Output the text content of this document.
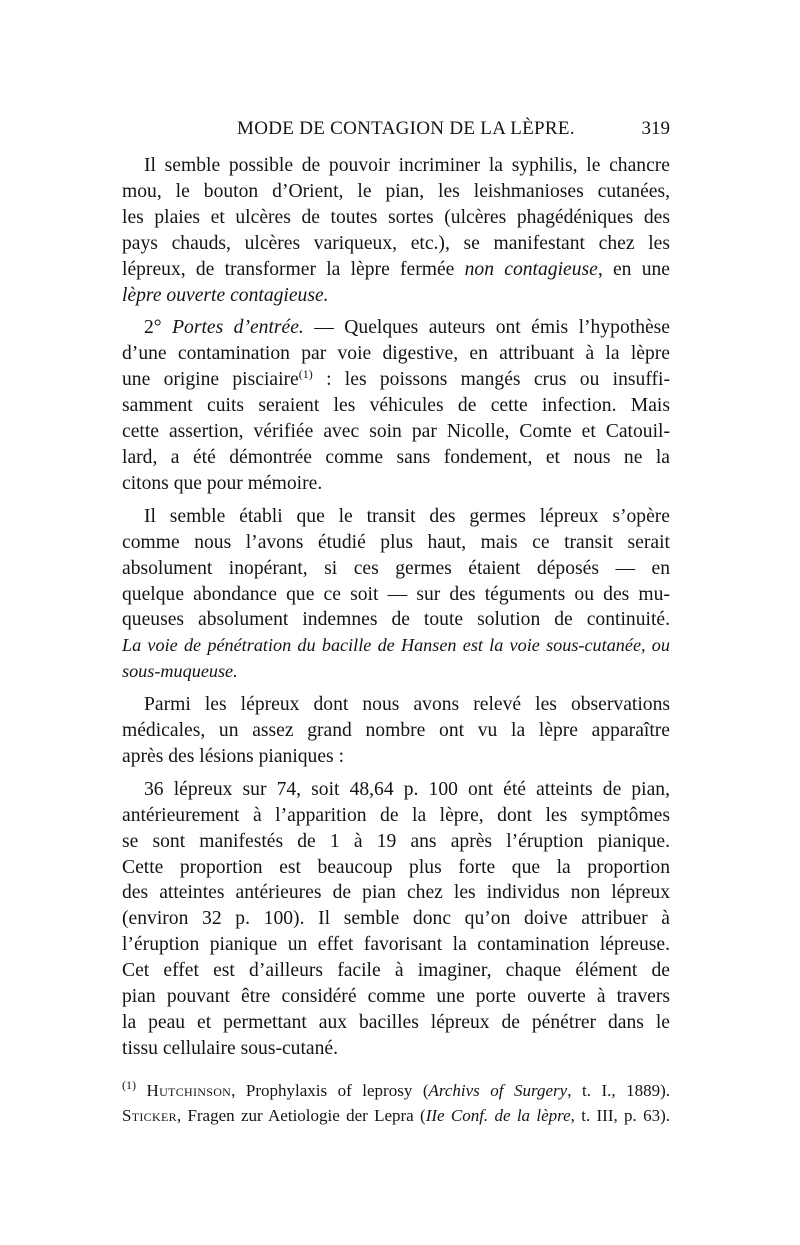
MODE DE CONTAGION DE LA LÈPRE.	319
Il semble possible de pouvoir incriminer la syphilis, le chancre
mou, le bouton d’Orient, le pian, les leishmanioses cutanées,
les plaies et ulcères de toutes sortes (ulcères phagédéniques des
pays chauds, ulcères variqueux, etc.), se manifestant chez les
lépreux, de transformer la lèpre fermée non contagieuse, en une
lèpre ouverte contagieuse.
2° Portes d’entrée. — Quelques auteurs ont émis l’hypothèse
d’une contamination par voie digestive, en attribuant à la lèpre
une origine pisciaire$^{(1)}$ : les poissons mangés crus ou insuffi-
samment cuits seraient les véhicules de cette infection. Mais
cette assertion, vérifiée avec soin par Nicolle, Comte et Catouil-
lard, a été démontrée comme sans fondement, et nous ne la
citons que pour mémoire.
Il semble établi que le transit des germes lépreux s’opère
comme nous l’avons étudié plus haut, mais ce transit serait
absolument inopérant, si ces germes étaient déposés — en
quelque abondance que ce soit — sur des téguments ou des mu-
queuses absolument indemnes de toute solution de continuité.
La voie de pénétration du bacille de Hansen est la voie sous-cutanée, ou
sous-muqueuse.
Parmi les lépreux dont nous avons relevé les observations
médicales, un assez grand nombre ont vu la lèpre apparaître
après des lésions pianiques :
36 lépreux sur 74, soit 48,64 p. 100 ont été atteints de pian,
antérieurement à l’apparition de la lèpre, dont les symptômes
se sont manifestés de 1 à 19 ans après l’éruption pianique.
Cette proportion est beaucoup plus forte que la proportion
des atteintes antérieures de pian chez les individus non lépreux
(environ 32 p. 100). Il semble donc qu’on doive attribuer à
l’éruption pianique un effet favorisant la contamination lépreuse.
Cet effet est d’ailleurs facile à imaginer, chaque élément de
pian pouvant être considéré comme une porte ouverte à travers
la peau et permettant aux bacilles lépreux de pénétrer dans le
tissu cellulaire sous-cutané.
$^{(1)}$ Hutchinson, Prophylaxis of leprosy (Archivs of Surgery, t. I., 1889).
Sticker, Fragen zur Aetiologie der Lepra (IIe Conf. de la lèpre, t. III, p. 63).
